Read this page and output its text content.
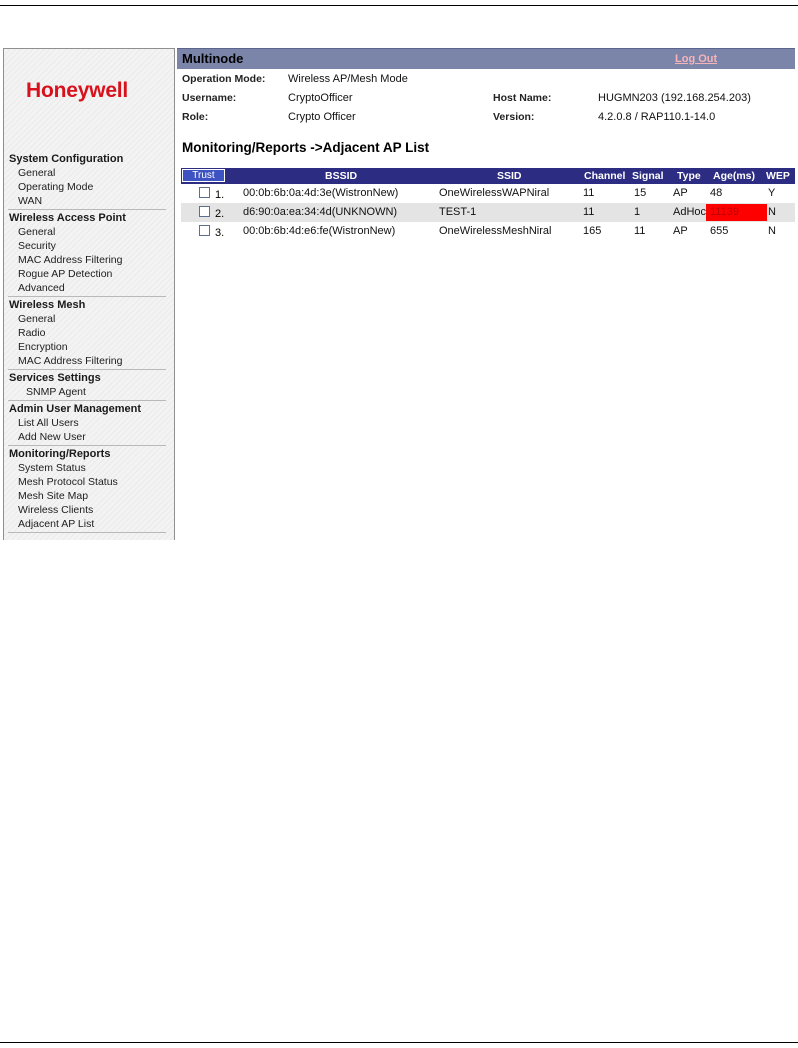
Honeywell
System Configuration
General
Operating Mode
WAN
Wireless Access Point
General
Security
MAC Address Filtering
Rogue AP Detection
Advanced
Wireless Mesh
General
Radio
Encryption
MAC Address Filtering
Services Settings
SNMP Agent
Admin User Management
List All Users
Add New User
Monitoring/Reports
System Status
Mesh Protocol Status
Mesh Site Map
Wireless Clients
Adjacent AP List
Multinode	Log Out
Operation Mode: Wireless AP/Mesh Mode
Username:	CryptoOfficer	Host Name:	HUGMN203 (192.168.254.203)
Role:	Crypto Officer	Version:	4.2.0.8 / RAP110.1-14.0
Monitoring/Reports ->Adjacent AP List
Trust	BSSID	SSID	Channel Signal Type Age(ms) WEP
1. 00:0b:6b:0a:4d:3e(WistronNew)	OneWirelessWAPNiral	11	15 AP 48	Y
2. d6:90:0a:ea:34:4d(UNKNOWN)	TEST-1	11	1	AdHoc 11139	N
3. 00:0b:6b:4d:e6:fe(WistronNew)	OneWirelessMeshNiral	165	11	AP 655	N
